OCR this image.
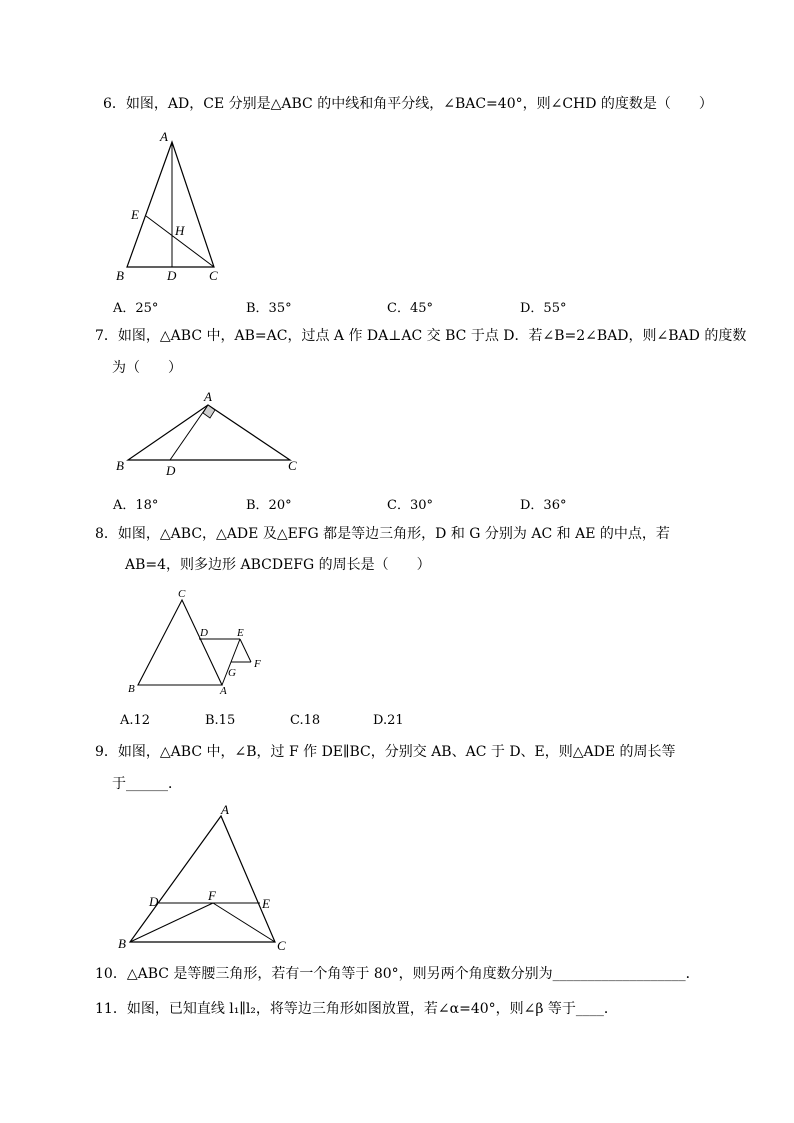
6．如图，AD，CE 分别是△ABC 的中线和角平分线，∠BAC=40°，则∠CHD 的度数是（　　）
A
E
H
B	D	C
A．25°	B．35°	C．45°	D．55°
7．如图，△ABC 中，AB=AC，过点 A 作 DA⊥AC 交 BC 于点 D．若∠B=2∠BAD，则∠BAD 的度数
为（　　）
A
B	D	C
A．18°	B．20°	C．30°	D．36°
8．如图，△ABC，△ADE 及△EFG 都是等边三角形，D 和 G 分别为 AC 和 AE 的中点，若
AB=4，则多边形 ABCDEFG 的周长是（　　）
C
D	E
F
G
B	A
A.12	B.15	C.18	D.21
9．如图，△ABC 中，∠B，过 F 作 DE∥BC，分别交 AB、AC 于 D、E，则△ADE 的周长等
于______．
A
D	F
E
B	C
10．△ABC 是等腰三角形，若有一个角等于 80°，则另两个角度数分别为___________________．
11．如图，已知直线 l₁∥l₂，将等边三角形如图放置，若∠α=40°，则∠β 等于____．
